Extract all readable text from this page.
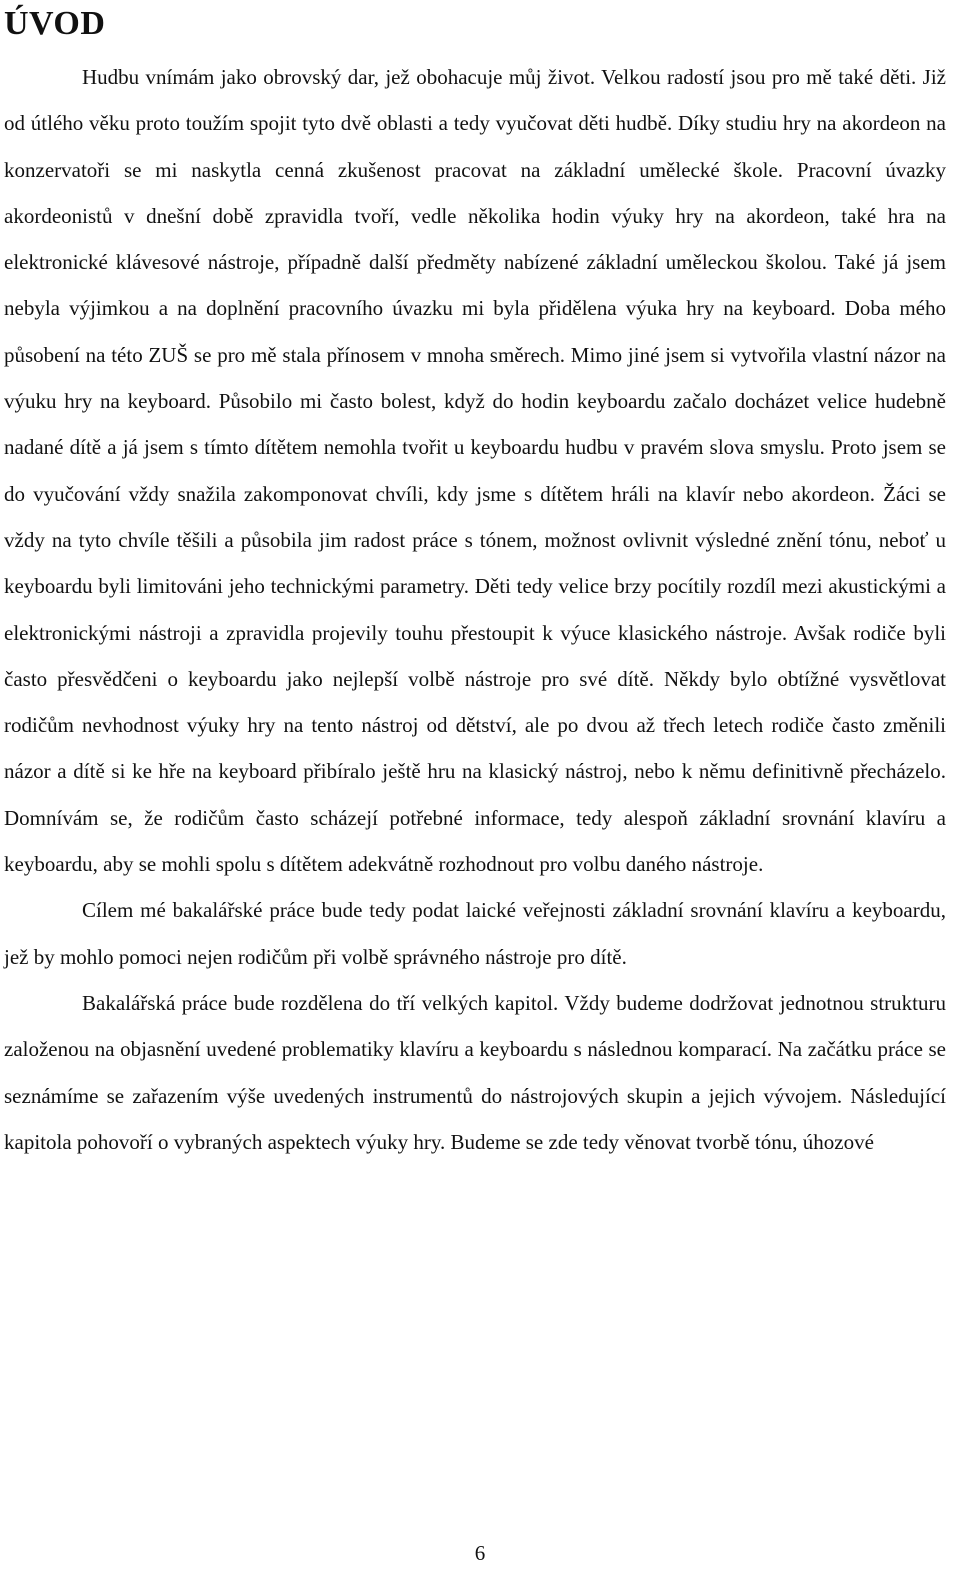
ÚVOD

Hudbu vnímám jako obrovský dar, jež obohacuje můj život. Velkou radostí jsou pro mě také děti. Již od útlého věku proto toužím spojit tyto dvě oblasti a tedy vyučovat děti hudbě. Díky studiu hry na akordeon na konzervatoři se mi naskytla cenná zkušenost pracovat na základní umělecké škole. Pracovní úvazky akordeonistů v dnešní době zpravidla tvoří, vedle několika hodin výuky hry na akordeon, také hra na elektronické klávesové nástroje, případně další předměty nabízené základní uměleckou školou. Také já jsem nebyla výjimkou a na doplnění pracovního úvazku mi byla přidělena výuka hry na keyboard. Doba mého působení na této ZUŠ se pro mě stala přínosem v mnoha směrech. Mimo jiné jsem si vytvořila vlastní názor na výuku hry na keyboard. Působilo mi často bolest, když do hodin keyboardu začalo docházet velice hudebně nadané dítě a já jsem s tímto dítětem nemohla tvořit u keyboardu hudbu v pravém slova smyslu. Proto jsem se do vyučování vždy snažila zakomponovat chvíli, kdy jsme s dítětem hráli na klavír nebo akordeon. Žáci se vždy na tyto chvíle těšili a působila jim radost práce s tónem, možnost ovlivnit výsledné znění tónu, neboť u keyboardu byli limitováni jeho technickými parametry. Děti tedy velice brzy pocítily rozdíl mezi akustickými a elektronickými nástroji a zpravidla projevily touhu přestoupit k výuce klasického nástroje. Avšak rodiče byli často přesvědčeni o keyboardu jako nejlepší volbě nástroje pro své dítě. Někdy bylo obtížné vysvětlovat rodičům nevhodnost výuky hry na tento nástroj od dětství, ale po dvou až třech letech rodiče často změnili názor a dítě si ke hře na keyboard přibíralo ještě hru na klasický nástroj, nebo k němu definitivně přecházelo. Domnívám se, že rodičům často scházejí potřebné informace, tedy alespoň základní srovnání klavíru a keyboardu, aby se mohli spolu s dítětem adekvátně rozhodnout pro volbu daného nástroje.

Cílem mé bakalářské práce bude tedy podat laické veřejnosti základní srovnání klavíru a keyboardu, jež by mohlo pomoci nejen rodičům při volbě správného nástroje pro dítě.

Bakalářská práce bude rozdělena do tří velkých kapitol. Vždy budeme dodržovat jednotnou strukturu založenou na objasnění uvedené problematiky klavíru a keyboardu s následnou komparací. Na začátku práce se seznámíme se zařazením výše uvedených instrumentů do nástrojových skupin a jejich vývojem. Následující kapitola pohovoří o vybraných aspektech výuky hry. Budeme se zde tedy věnovat tvorbě tónu, úhozové

6
